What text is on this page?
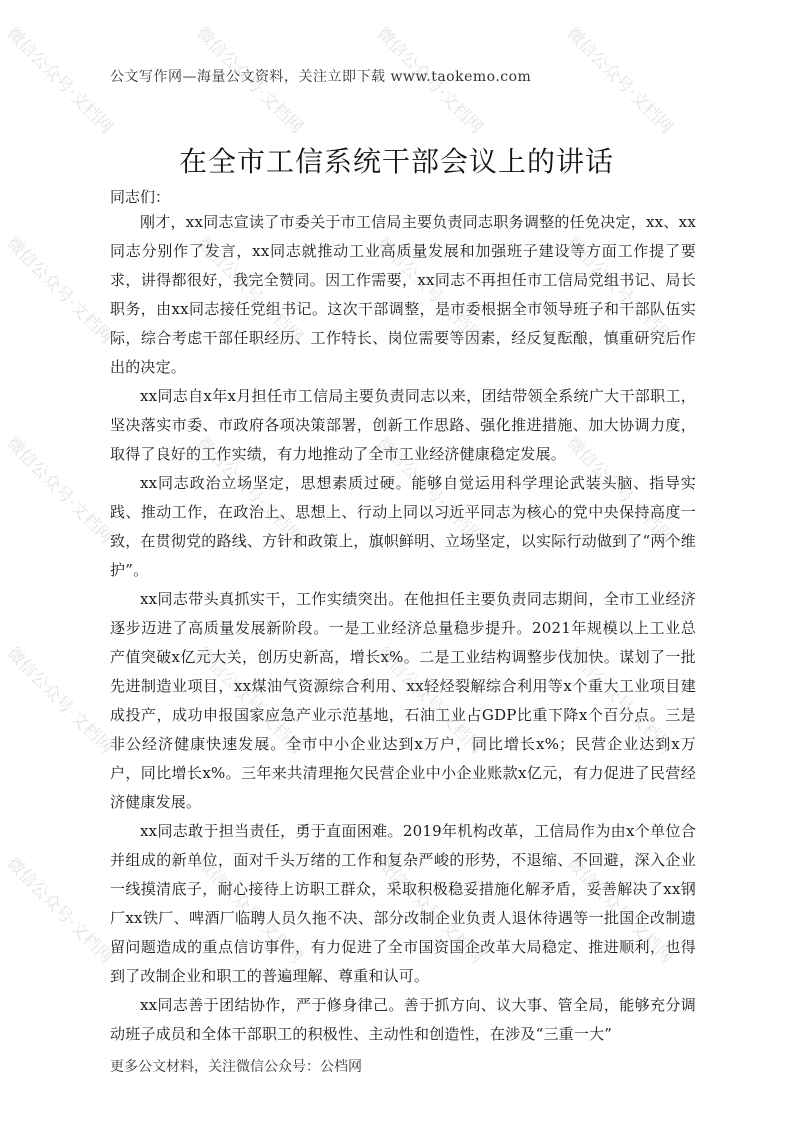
公文写作网—海量公文资料，关注立即下载 www.taokemo.com
在全市工信系统干部会议上的讲话
同志们：

刚才，xx同志宣读了市委关于市工信局主要负责同志职务调整的任免决定，xx、xx同志分别作了发言，xx同志就推动工业高质量发展和加强班子建设等方面工作提了要求，讲得都很好，我完全赞同。因工作需要，xx同志不再担任市工信局党组书记、局长职务，由xx同志接任党组书记。这次干部调整，是市委根据全市领导班子和干部队伍实际，综合考虑干部任职经历、工作特长、岗位需要等因素，经反复酝酿，慎重研究后作出的决定。

xx同志自x年x月担任市工信局主要负责同志以来，团结带领全系统广大干部职工，坚决落实市委、市政府各项决策部署，创新工作思路、强化推进措施、加大协调力度，取得了良好的工作实绩，有力地推动了全市工业经济健康稳定发展。

xx同志政治立场坚定，思想素质过硬。能够自觉运用科学理论武装头脑、指导实践、推动工作，在政治上、思想上、行动上同以习近平同志为核心的党中央保持高度一致，在贯彻党的路线、方针和政策上，旗帜鲜明、立场坚定，以实际行动做到了“两个维护”。

xx同志带头真抓实干，工作实绩突出。在他担任主要负责同志期间，全市工业经济逐步迈进了高质量发展新阶段。一是工业经济总量稳步提升。2021年规模以上工业总产值突破x亿元大关，创历史新高，增长x%。二是工业结构调整步伐加快。谋划了一批先进制造业项目，xx煤油气资源综合利用、xx轻烃裂解综合利用等x个重大工业项目建成投产，成功申报国家应急产业示范基地，石油工业占GDP比重下降x个百分点。三是非公经济健康快速发展。全市中小企业达到x万户，同比增长x%；民营企业达到x万户，同比增长x%。三年来共清理拖欠民营企业中小企业账款x亿元，有力促进了民营经济健康发展。

xx同志敢于担当责任，勇于直面困难。2019年机构改革，工信局作为由x个单位合并组成的新单位，面对千头万绪的工作和复杂严峻的形势，不退缩、不回避，深入企业一线摸清底子，耐心接待上访职工群众，采取积极稳妥措施化解矛盾，妥善解决了xx钢厂xx铁厂、啤酒厂临聘人员久拖不决、部分改制企业负责人退休待遇等一批国企改制遗留问题造成的重点信访事件，有力促进了全市国资国企改革大局稳定、推进顺利，也得到了改制企业和职工的普遍理解、尊重和认可。

xx同志善于团结协作，严于修身律己。善于抓方向、议大事、管全局，能够充分调动班子成员和全体干部职工的积极性、主动性和创造性，在涉及“三重一大”

更多公文材料，关注微信公众号：公档网
微信公众号·文档网	微信公众号·文档网	微信公众号·文档网	微信公众号·文档网
微信公众号·文档网	微信公众号·文档网	微信公众号·文档网	微信公众号·文档网
微信公众号·文档网	微信公众号·文档网	微信公众号·文档网	微信公众号·文档网
微信公众号·文档网	微信公众号·文档网	微信公众号·文档网	微信公众号·文档网
微信公众号·文档网	微信公众号·文档网	微信公众号·文档网	微信公众号·文档网
